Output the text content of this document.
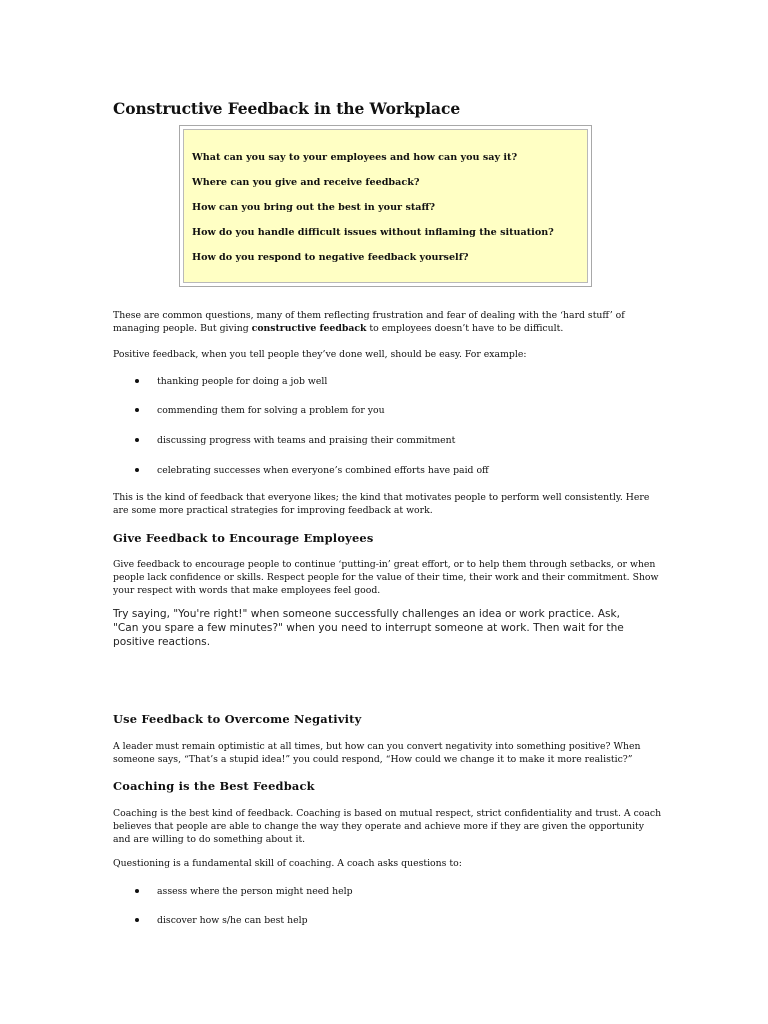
Constructive Feedback in the Workplace

What can you say to your employees and how can you say it?

Where can you give and receive feedback?

How can you bring out the best in your staff?

How do you handle difficult issues without inflaming the situation?

How do you respond to negative feedback yourself?

These are common questions, many of them reflecting frustration and fear of dealing with the ‘hard stuff’ of managing people. But giving constructive feedback to employees doesn’t have to be difficult.

Positive feedback, when you tell people they’ve done well, should be easy. For example:

thanking people for doing a job well
commending them for solving a problem for you
discussing progress with teams and praising their commitment
celebrating successes when everyone’s combined efforts have paid off

This is the kind of feedback that everyone likes; the kind that motivates people to perform well consistently. Here are some more practical strategies for improving feedback at work.

Give Feedback to Encourage Employees

Give feedback to encourage people to continue ‘putting-in’ great effort, or to help them through setbacks, or when people lack confidence or skills. Respect people for the value of their time, their work and their commitment. Show your respect with words that make employees feel good.

Try saying, "You're right!" when someone successfully challenges an idea or work practice. Ask, "Can you spare a few minutes?" when you need to interrupt someone at work. Then wait for the positive reactions.

Use Feedback to Overcome Negativity

A leader must remain optimistic at all times, but how can you convert negativity into something positive? When someone says, “That’s a stupid idea!” you could respond, “How could we change it to make it more realistic?”

Coaching is the Best Feedback

Coaching is the best kind of feedback. Coaching is based on mutual respect, strict confidentiality and trust. A coach believes that people are able to change the way they operate and achieve more if they are given the opportunity and are willing to do something about it.

Questioning is a fundamental skill of coaching. A coach asks questions to:

assess where the person might need help
discover how s/he can best help
